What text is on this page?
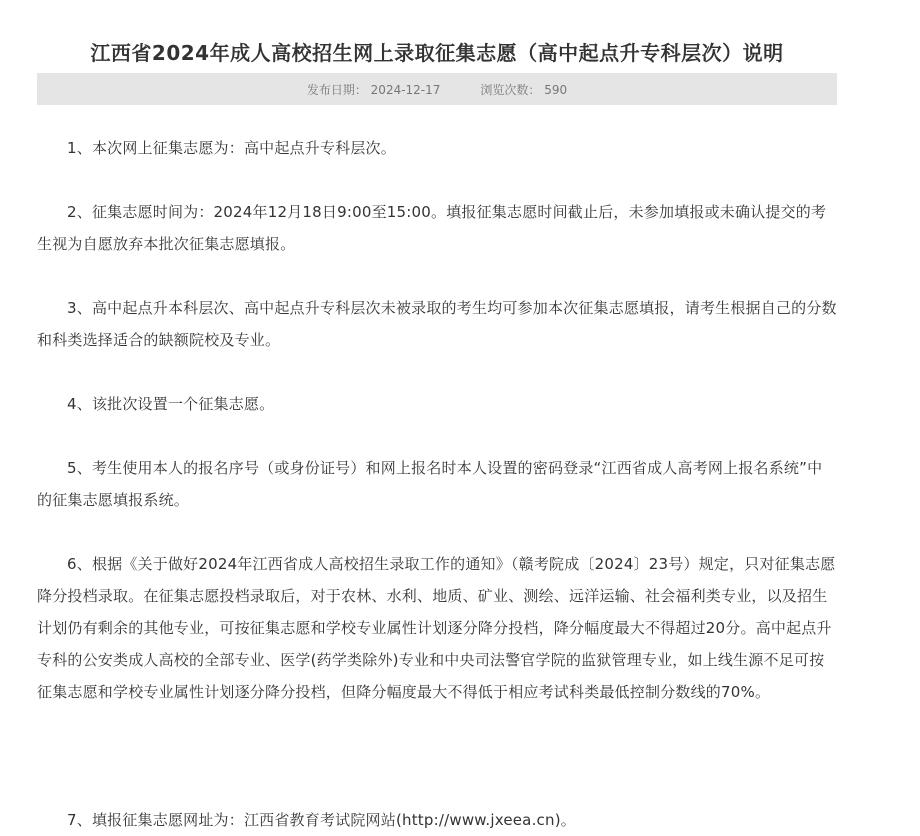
江西省2024年成人高校招生网上录取征集志愿（高中起点升专科层次）说明
发布日期： 2024-12-17	浏览次数： 590

1、本次网上征集志愿为：高中起点升专科层次。

2、征集志愿时间为：2024年12月18日9:00至15:00。填报征集志愿时间截止后，未参加填报或未确认提交的考生视为自愿放弃本批次征集志愿填报。

3、高中起点升本科层次、高中起点升专科层次未被录取的考生均可参加本次征集志愿填报，请考生根据自己的分数和科类选择适合的缺额院校及专业。

4、该批次设置一个征集志愿。

5、考生使用本人的报名序号（或身份证号）和网上报名时本人设置的密码登录“江西省成人高考网上报名系统”中的征集志愿填报系统。

6、根据《关于做好2024年江西省成人高校招生录取工作的通知》（赣考院成〔2024〕23号）规定，只对征集志愿降分投档录取。在征集志愿投档录取后，对于农林、水利、地质、矿业、测绘、远洋运输、社会福利类专业，以及招生计划仍有剩余的其他专业，可按征集志愿和学校专业属性计划逐分降分投档，降分幅度最大不得超过20分。高中起点升专科的公安类成人高校的全部专业、医学(药学类除外)专业和中央司法警官学院的监狱管理专业，如上线生源不足可按征集志愿和学校专业属性计划逐分降分投档，但降分幅度最大不得低于相应考试科类最低控制分数线的70%。

7、填报征集志愿网址为：江西省教育考试院网站(http://www.jxeea.cn)。
